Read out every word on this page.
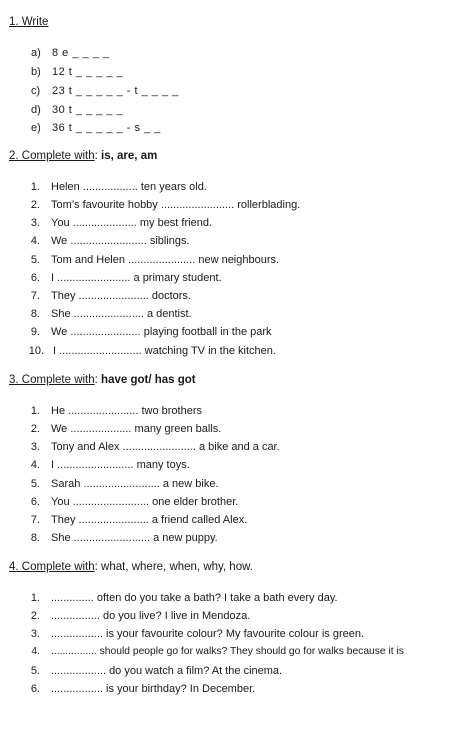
1. Write
a) 8 e _ _ _ _
b) 12 t _ _ _ _ _
c) 23 t _ _ _ _ _ - t _ _ _ _
d) 30 t _ _ _ _ _
e) 36 t _ _ _ _ _ - s _ _
2. Complete with: is, are, am
1. Helen .................. ten years old.
2. Tom’s favourite hobby ........................ rollerblading.
3. You ..................... my best friend.
4. We ......................... siblings.
5. Tom and Helen ...................... new neighbours.
6. I ........................ a primary student.
7. They ....................... doctors.
8. She ....................... a dentist.
9. We ....................... playing football in the park
10. I ........................... watching TV in the kitchen.
3. Complete with: have got/ has got
1. He ....................... two brothers
2. We .................... many green balls.
3. Tony and Alex ........................ a bike and a car.
4. I ......................... many toys.
5. Sarah ......................... a new bike.
6. You ......................... one elder brother.
7. They ....................... a friend called Alex.
8. She ......................... a new puppy.
4. Complete with: what, where, when, why, how.
1. .............. often do you take a bath? I take a bath every day.
2. ................ do you live? I live in Mendoza.
3. ................. is your favourite colour? My favourite colour is green.
4. ................ should people go for walks? They should go for walks because it is
5. .................. do you watch a film? At the cinema.
6. ................. is your birthday? In December.
